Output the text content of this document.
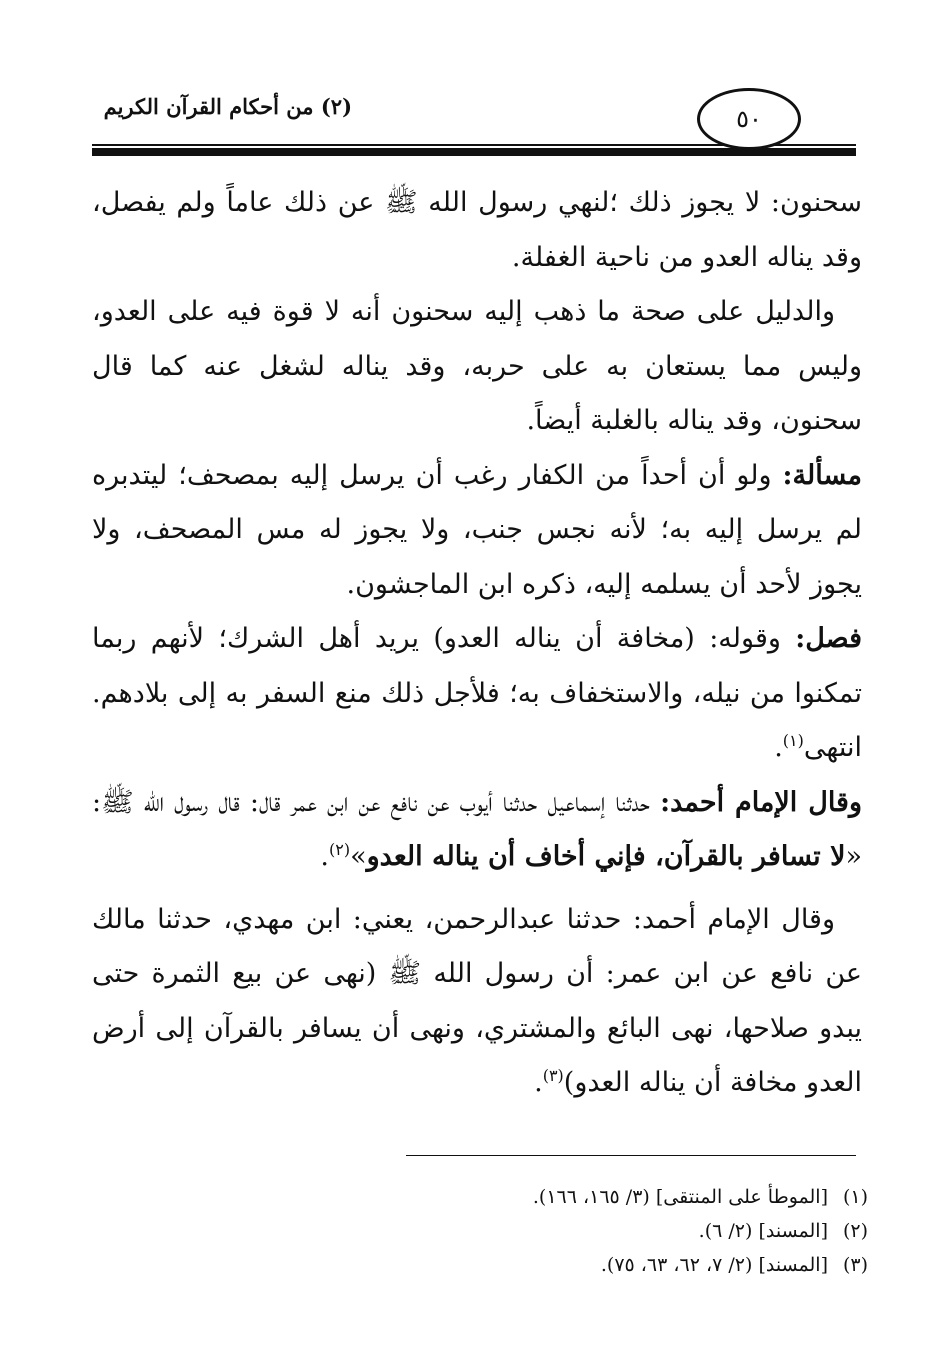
٥٠
(٢) من أحكام القرآن الكريم

سحنون: لا يجوز ذلك ؛لنهي رسول الله ﷺ عن ذلك عاماً ولم يفصل، وقد يناله العدو من ناحية الغفلة.

 والدليل على صحة ما ذهب إليه سحنون أنه لا قوة فيه على العدو، وليس مما يستعان به على حربه، وقد يناله لشغل عنه كما قال سحنون، وقد يناله بالغلبة أيضاً.

مسألة: ولو أن أحداً من الكفار رغب أن يرسل إليه بمصحف؛ ليتدبره لم يرسل إليه به؛ لأنه نجس جنب، ولا يجوز له مس المصحف، ولا يجوز لأحد أن يسلمه إليه، ذكره ابن الماجشون.

فصل: وقوله: (مخافة أن يناله العدو) يريد أهل الشرك؛ لأنهم ربما تمكنوا من نيله، والاستخفاف به؛ فلأجل ذلك منع السفر به إلى بلادهم. انتهى$^{(١)}$.

وقال الإمام أحمد: حدثنا إسماعيل حدثنا أيوب عن نافع عن ابن عمر قال: قال رسول الله ﷺ: «لا تسافر بالقرآن، فإني أخاف أن يناله العدو»$^{(٢)}$.

 وقال الإمام أحمد: حدثنا عبدالرحمن، يعني: ابن مهدي، حدثنا مالك عن نافع عن ابن عمر: أن رسول الله ﷺ (نهى عن بيع الثمرة حتى يبدو صلاحها، نهى البائع والمشتري، ونهى أن يسافر بالقرآن إلى أرض العدو مخافة أن يناله العدو)$^{(٣)}$.

(١)[الموطأ على المنتقى] (٣/ ١٦٥، ١٦٦).

(٢)[المسند] (٢/ ٦).

(٣)[المسند] (٢/ ٧، ٦٢، ٦٣، ٧٥).
